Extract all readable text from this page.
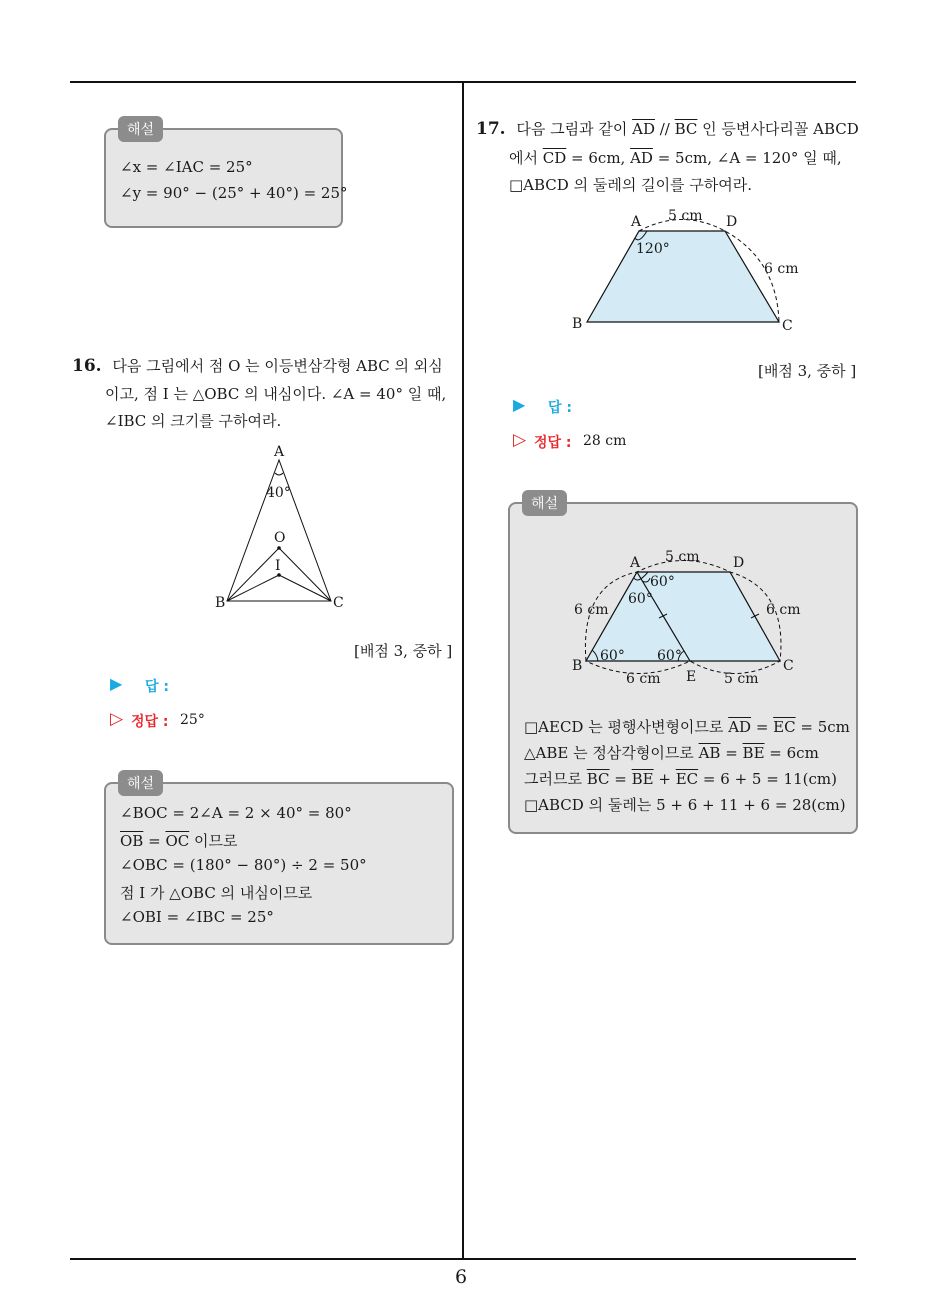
6
∠x = ∠IAC = 25°
∠y = 90° − (25° + 40°) = 25°
해설
16. 다음 그림에서 점 O 는 이등변삼각형 ABC 의 외심
이고, 점 I 는 △OBC 의 내심이다. ∠A = 40° 일 때,
∠IBC 의 크기를 구하여라.
A
40°
O
I
B	C
[배점 3, 중하 ]
▶ 답 :
▷ 정답 : 25°
∠BOC = 2∠A = 2 × 40° = 80°
$\overline{OB} = \overline{OC}$ 이므로
∠OBC = (180° − 80°) ÷ 2 = 50°
점 I 가 △OBC 의 내심이므로
∠OBI = ∠IBC = 25°
해설
17. 다음 그림과 같이 $\overline{AD} // \overline{BC}$ 인 등변사다리꼴 ABCD
에서 $\overline{CD} = 6cm$, $\overline{AD} = 5cm$, ∠A = 120° 일 때,
□ABCD 의 둘레의 길이를 구하여라.
A	D
5 cm
6 cm
120°
B	C
[배점 3, 중하 ]
▶ 답 :
▷ 정답 : 28 cm
A	D
5 cm
60°
60°
6 cm	6 cm
60° 60°
B
E
C
6 cm	5 cm
□AECD 는 평행사변형이므로 $\overline{AD} = \overline{EC} = 5cm$
△ABE 는 정삼각형이므로 $\overline{AB} = \overline{BE} = 6cm$
그러므로 $\overline{BC} = \overline{BE} + \overline{EC} = 6 + 5 = 11(cm)$
□ABCD 의 둘레는 5 + 6 + 11 + 6 = 28(cm)
해설
